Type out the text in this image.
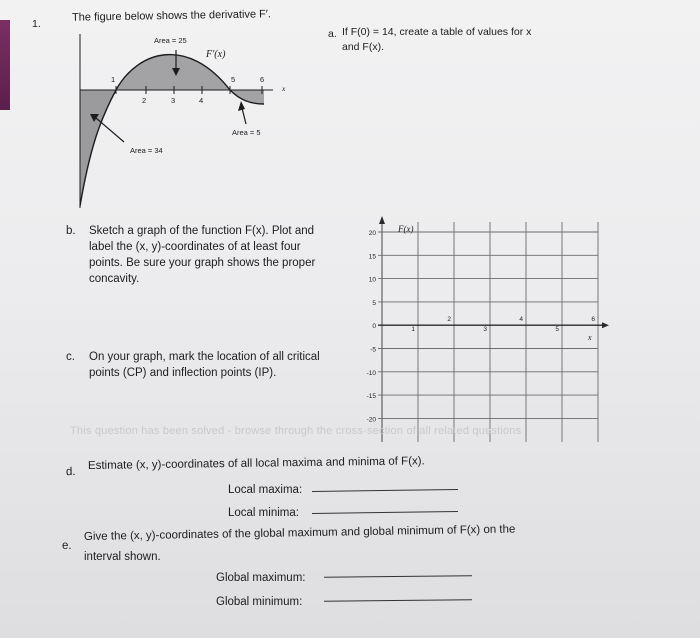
1.
The figure below shows the derivative F′.
Area = 25
F′(x)
1	5	6
2	3	4
x
Area = 5
Area = 34
a. If F(0) = 14, create a table of values for x
and F(x).
b. Sketch a graph of the function F(x). Plot and
label the (x, y)-coordinates of at least four
points. Be sure your graph shows the proper
concavity.
c. On your graph, mark the location of all critical
points (CP) and inflection points (IP).
20
15
10
5
0
-5
-10
-15
-20
1
2
3
4
5
6
F(x)
x
This question has been solved - browse through the cross-section of all related questions
d.
Estimate (x, y)-coordinates of all local maxima and minima of F(x).
Local maxima:
Local minima:
e.
Give the (x, y)-coordinates of the global maximum and global minimum of F(x) on the
interval shown.
Global maximum:
Global minimum:
